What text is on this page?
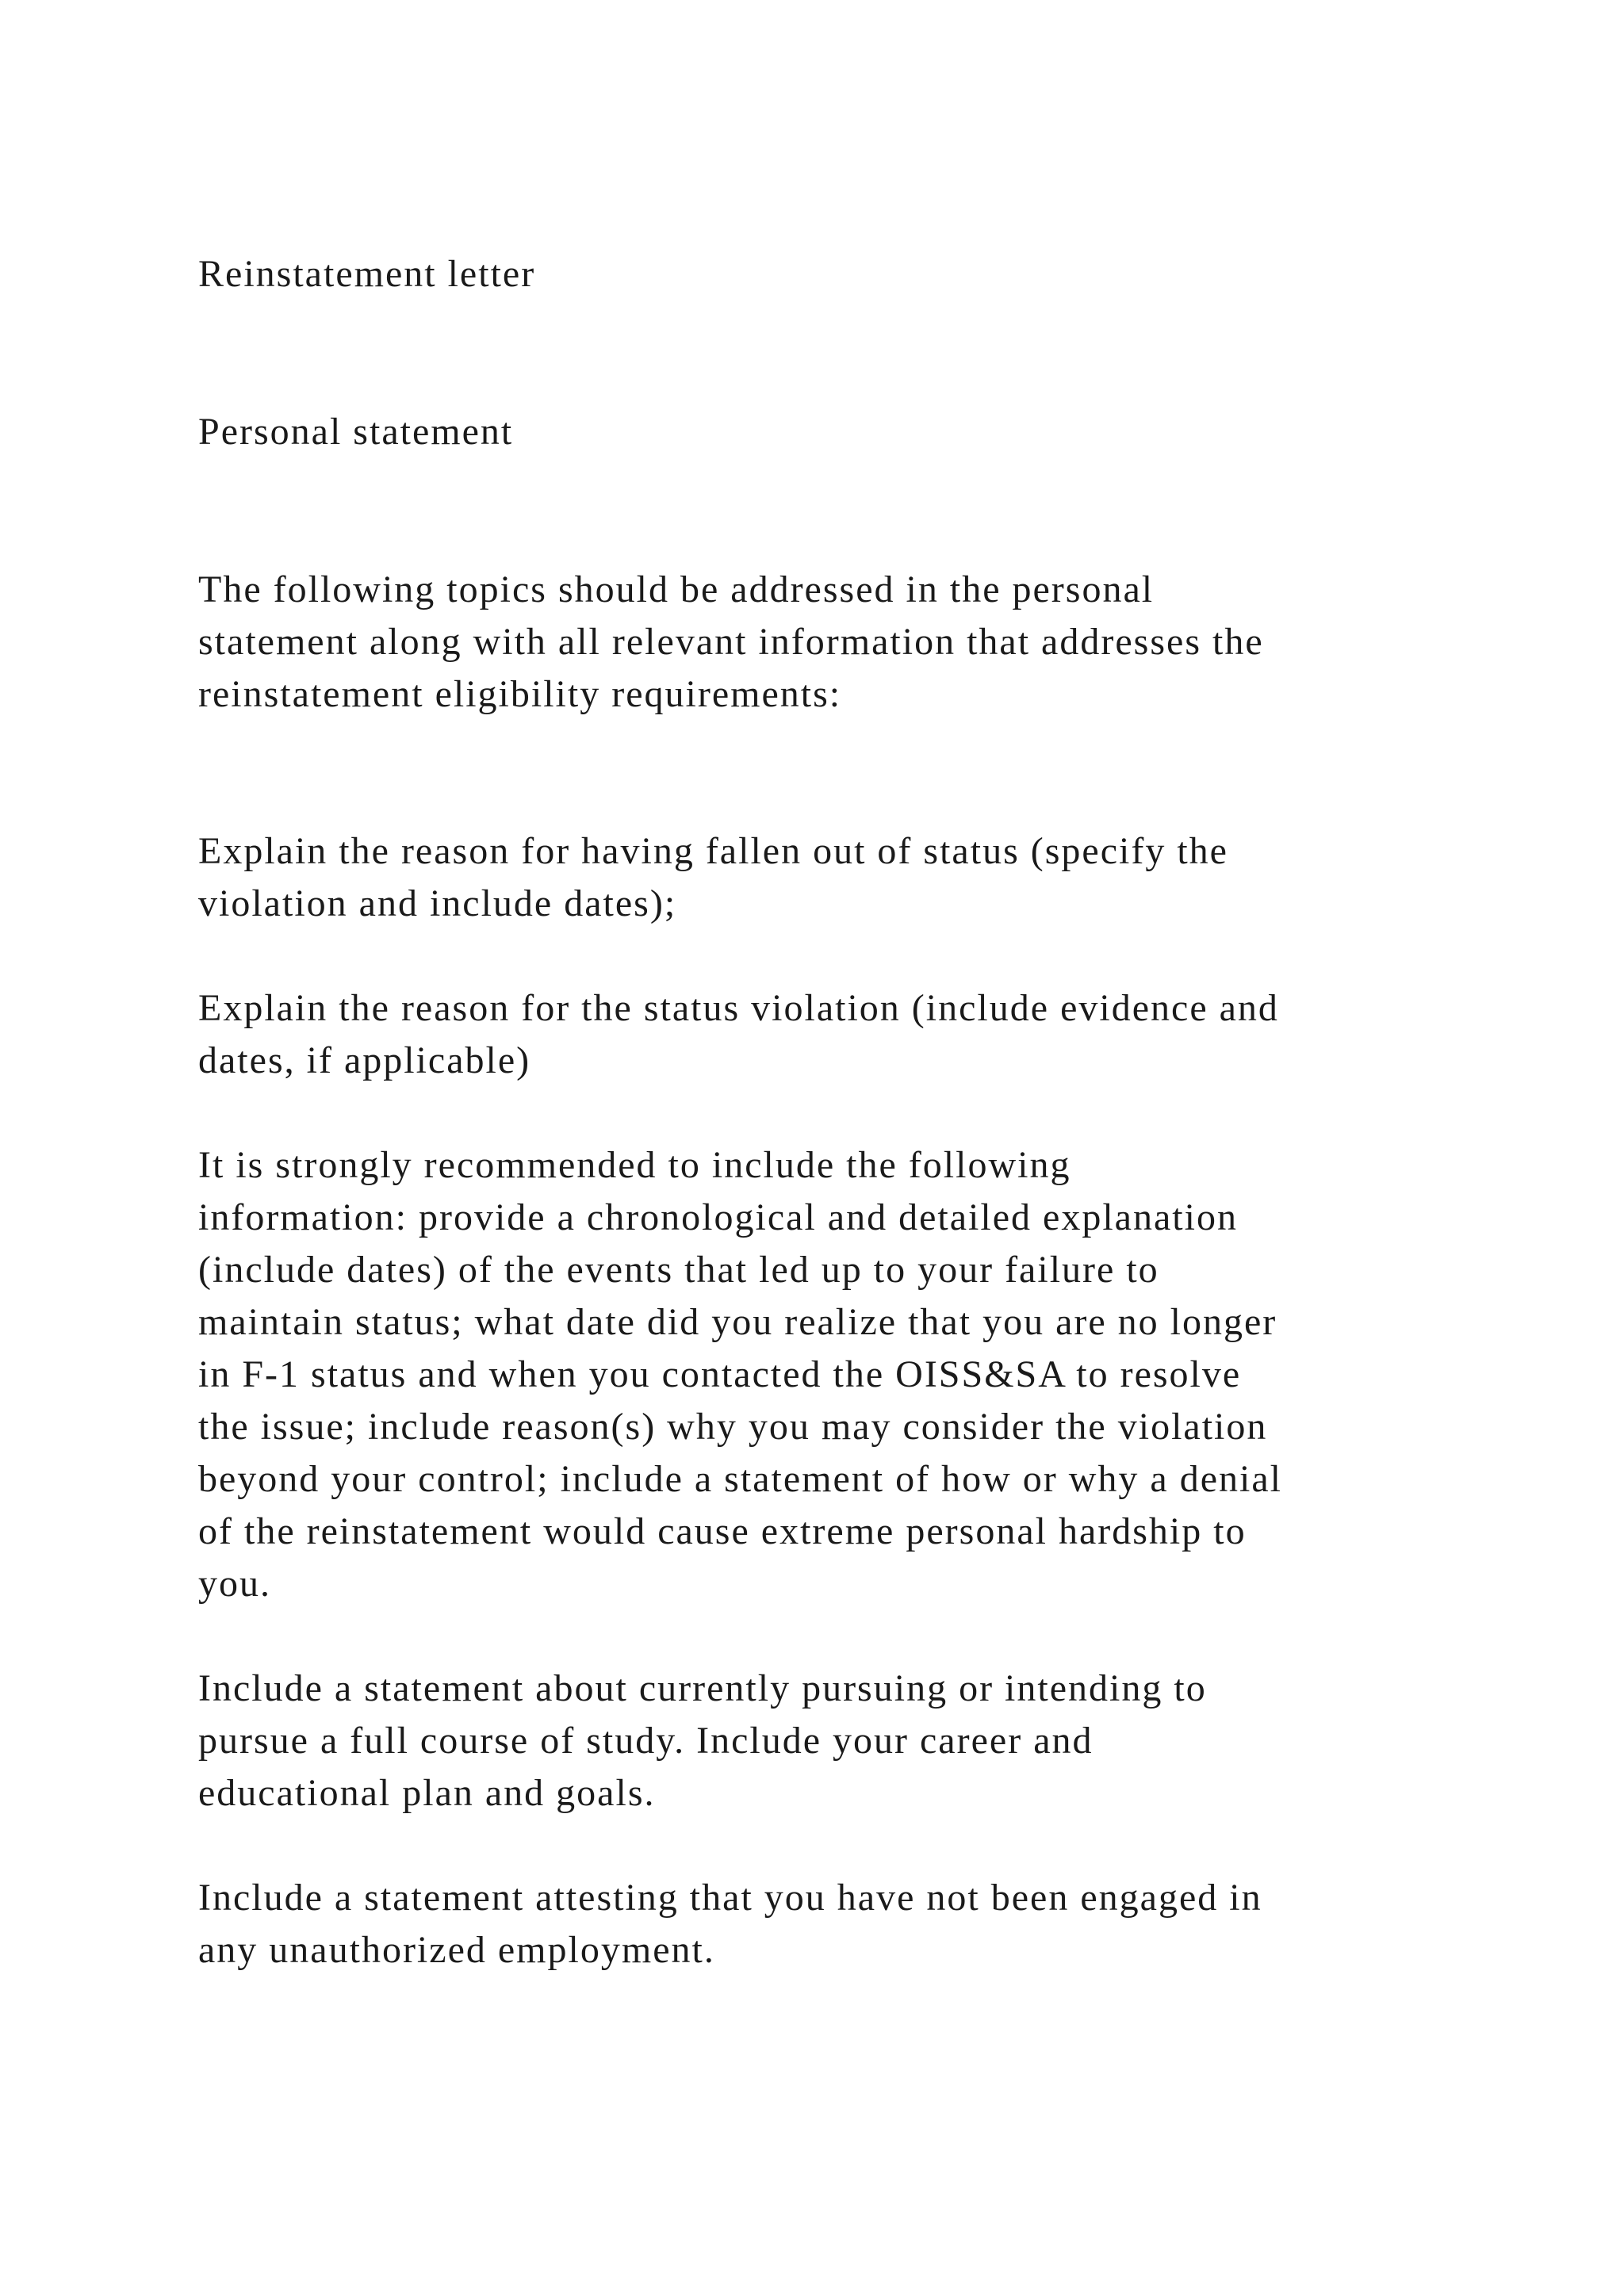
Reinstatement letter

Personal statement

The following topics should be addressed in the personal

statement along with all relevant information that addresses the

reinstatement eligibility requirements:

Explain the reason for having fallen out of status (specify the

violation and include dates);

Explain the reason for the status violation (include evidence and

dates, if applicable)

It is strongly recommended to include the following

information: provide a chronological and detailed explanation

(include dates) of the events that led up to your failure to

maintain status; what date did you realize that you are no longer

in F-1 status and when you contacted the OISS&SA to resolve

the issue; include reason(s) why you may consider the violation

beyond your control; include a statement of how or why a denial

of the reinstatement would cause extreme personal hardship to

you.

Include a statement about currently pursuing or intending to

pursue a full course of study. Include your career and

educational plan and goals.

Include a statement attesting that you have not been engaged in

any unauthorized employment.
